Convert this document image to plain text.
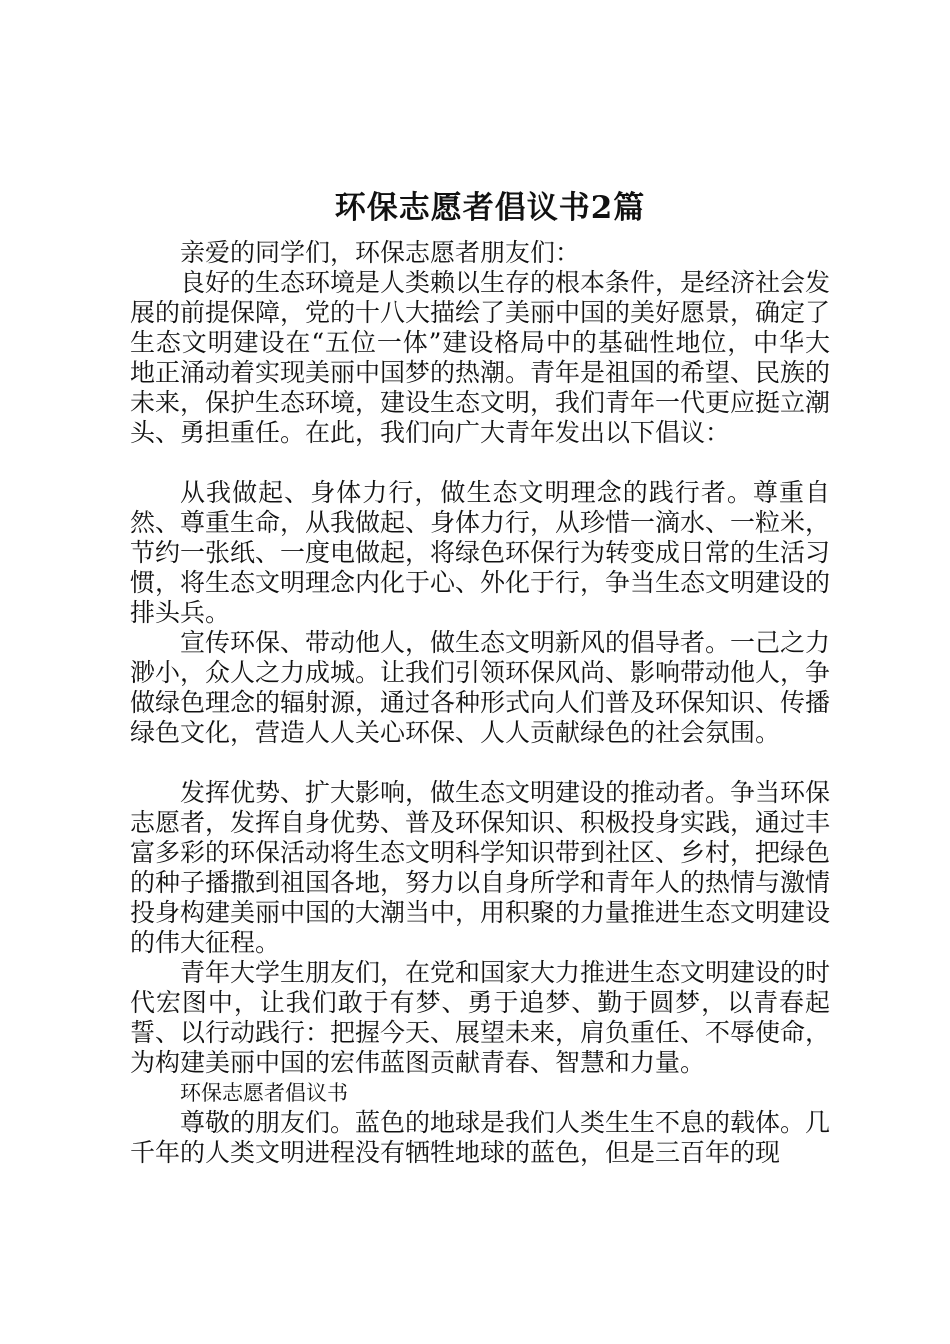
环保志愿者倡议书2篇

亲爱的同学们，环保志愿者朋友们：

良好的生态环境是人类赖以生存的根本条件，是经济社会发展的前提保障，党的十八大描绘了美丽中国的美好愿景，确定了生态文明建设在“五位一体”建设格局中的基础性地位，中华大地正涌动着实现美丽中国梦的热潮。青年是祖国的希望、民族的未来，保护生态环境，建设生态文明，我们青年一代更应挺立潮头、勇担重任。在此，我们向广大青年发出以下倡议：

从我做起、身体力行，做生态文明理念的践行者。尊重自然、尊重生命，从我做起、身体力行，从珍惜一滴水、一粒米，节约一张纸、一度电做起，将绿色环保行为转变成日常的生活习惯，将生态文明理念内化于心、外化于行，争当生态文明建设的排头兵。

宣传环保、带动他人，做生态文明新风的倡导者。一己之力渺小，众人之力成城。让我们引领环保风尚、影响带动他人，争做绿色理念的辐射源，通过各种形式向人们普及环保知识、传播绿色文化，营造人人关心环保、人人贡献绿色的社会氛围。

发挥优势、扩大影响，做生态文明建设的推动者。争当环保志愿者，发挥自身优势、普及环保知识、积极投身实践，通过丰富多彩的环保活动将生态文明科学知识带到社区、乡村，把绿色的种子播撒到祖国各地，努力以自身所学和青年人的热情与激情投身构建美丽中国的大潮当中，用积聚的力量推进生态文明建设的伟大征程。

青年大学生朋友们，在党和国家大力推进生态文明建设的时代宏图中，让我们敢于有梦、勇于追梦、勤于圆梦，以青春起誓、以行动践行：把握今天、展望未来，肩负重任、不辱使命，为构建美丽中国的宏伟蓝图贡献青春、智慧和力量。

环保志愿者倡议书

尊敬的朋友们。蓝色的地球是我们人类生生不息的载体。几千年的人类文明进程没有牺牲地球的蓝色，但是三百年的现
